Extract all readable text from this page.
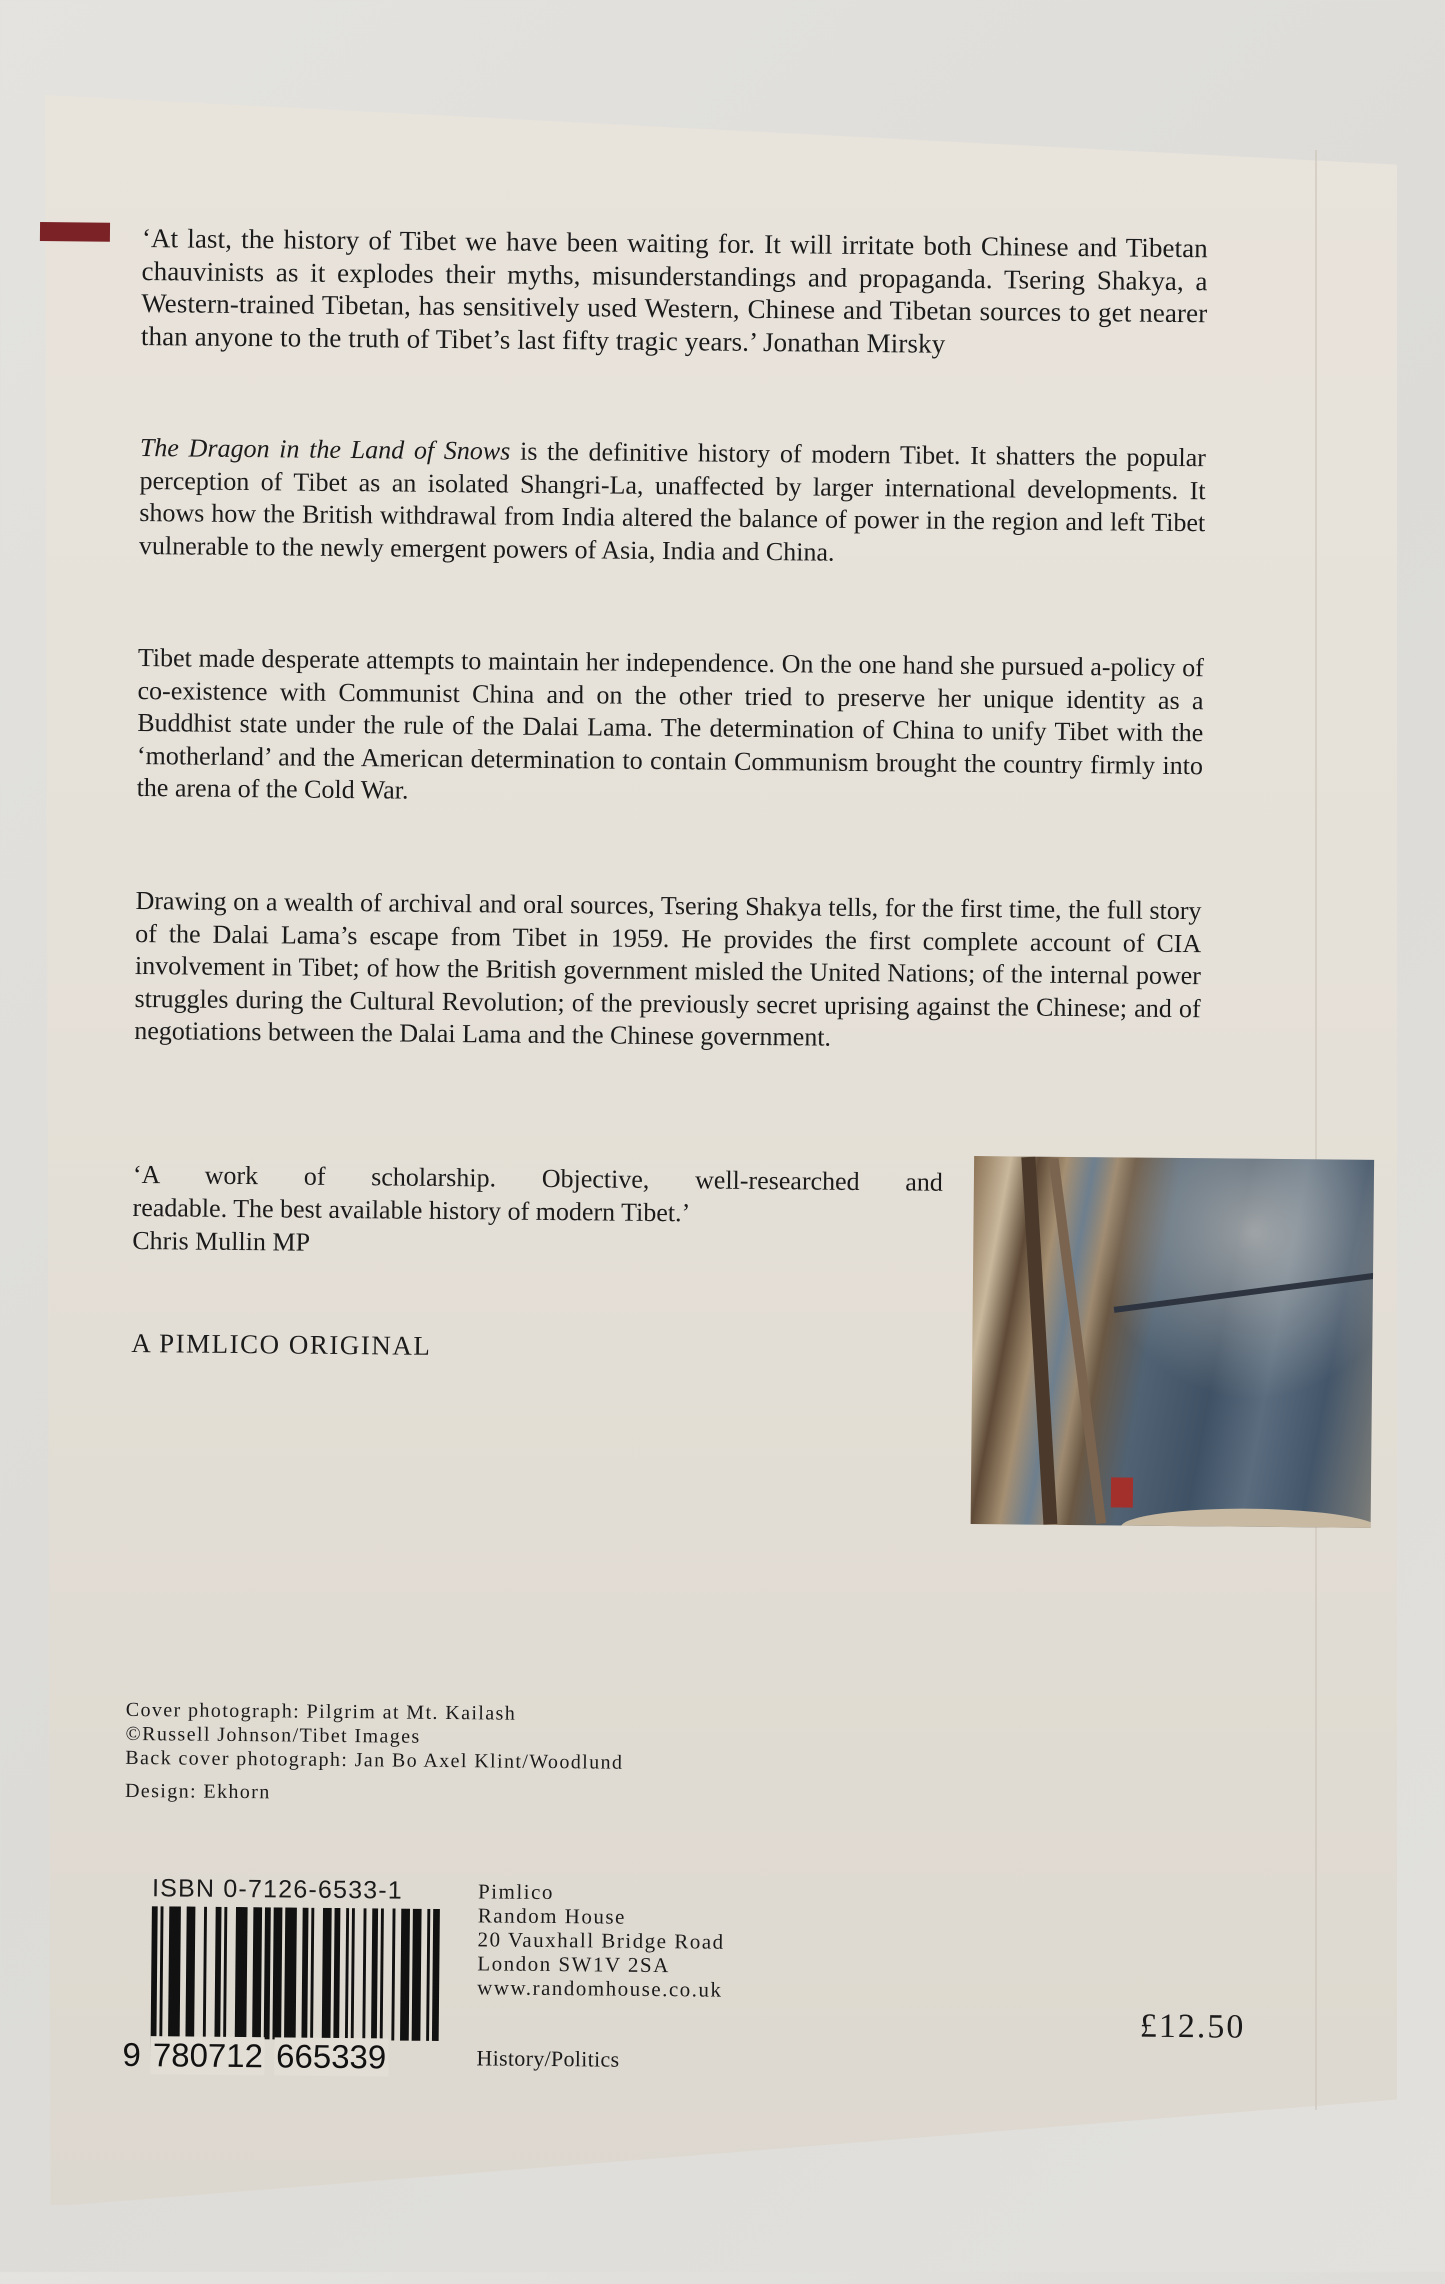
‘At last, the history of Tibet we have been waiting for. It will irritate both Chinese and Tibetan chauvinists as it explodes their myths, misunderstandings and propaganda. Tsering Shakya, a Western-trained Tibetan, has sensitively used Western, Chinese and Tibetan sources to get nearer than anyone to the truth of Tibet’s last fifty tragic years.’ Jonathan Mirsky
The Dragon in the Land of Snows is the definitive history of modern Tibet. It shatters the popular perception of Tibet as an isolated Shangri-La, unaffected by larger international developments. It shows how the British withdrawal from India altered the balance of power in the region and left Tibet vulnerable to the newly emergent powers of Asia, India and China.
Tibet made desperate attempts to maintain her independence. On the one hand she pursued a-policy of co-existence with Communist China and on the other tried to preserve her unique identity as a Buddhist state under the rule of the Dalai Lama. The determination of China to unify Tibet with the ‘motherland’ and the American determination to contain Communism brought the country firmly into the arena of the Cold War.
Drawing on a wealth of archival and oral sources, Tsering Shakya tells, for the first time, the full story of the Dalai Lama’s escape from Tibet in 1959. He provides the first complete account of CIA involvement in Tibet; of how the British government misled the United Nations; of the internal power struggles during the Cultural Revolution; of the previously secret uprising against the Chinese; and of negotiations between the Dalai Lama and the Chinese government.
‘A work of scholarship. Objective, well-researched and
readable. The best available history of modern Tibet.’
Chris Mullin MP
A PIMLICO ORIGINAL
Cover photograph: Pilgrim at Mt. Kailash
©Russell Johnson/Tibet Images
Back cover photograph: Jan Bo Axel Klint/Woodlund
Design: Ekhorn
ISBN 0-7126-6533-1
9 780712 665339
Pimlico
Random House
20 Vauxhall Bridge Road
London SW1V 2SA
www.randomhouse.co.uk
History/Politics
£12.50
